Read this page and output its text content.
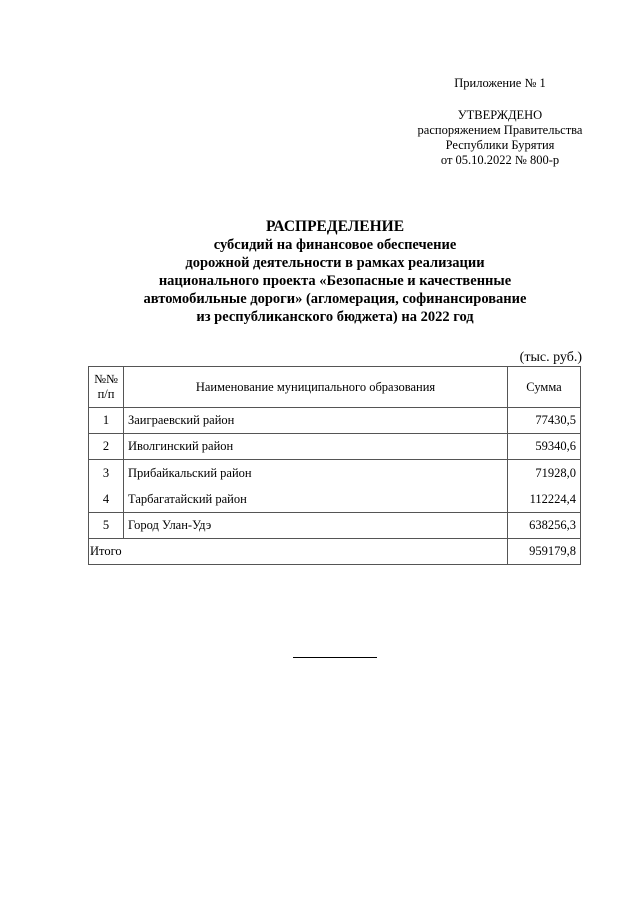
Приложение № 1
УТВЕРЖДЕНО
распоряжением Правительства
Республики Бурятия
от 05.10.2022 № 800-р
РАСПРЕДЕЛЕНИЕ
субсидий на финансовое обеспечение
дорожной деятельности в рамках реализации
национального проекта «Безопасные и качественные
автомобильные дороги» (агломерация, софинансирование
из республиканского бюджета) на 2022 год
(тыс. руб.)
№№
п/п	Наименование муниципального образования	Сумма
1	Заиграевский район	77430,5
2	Иволгинский район	59340,6
3	Прибайкальский район	71928,0
4	Тарбагатайский район	112224,4
5	Город Улан-Удэ	638256,3
Итого		959179,8
